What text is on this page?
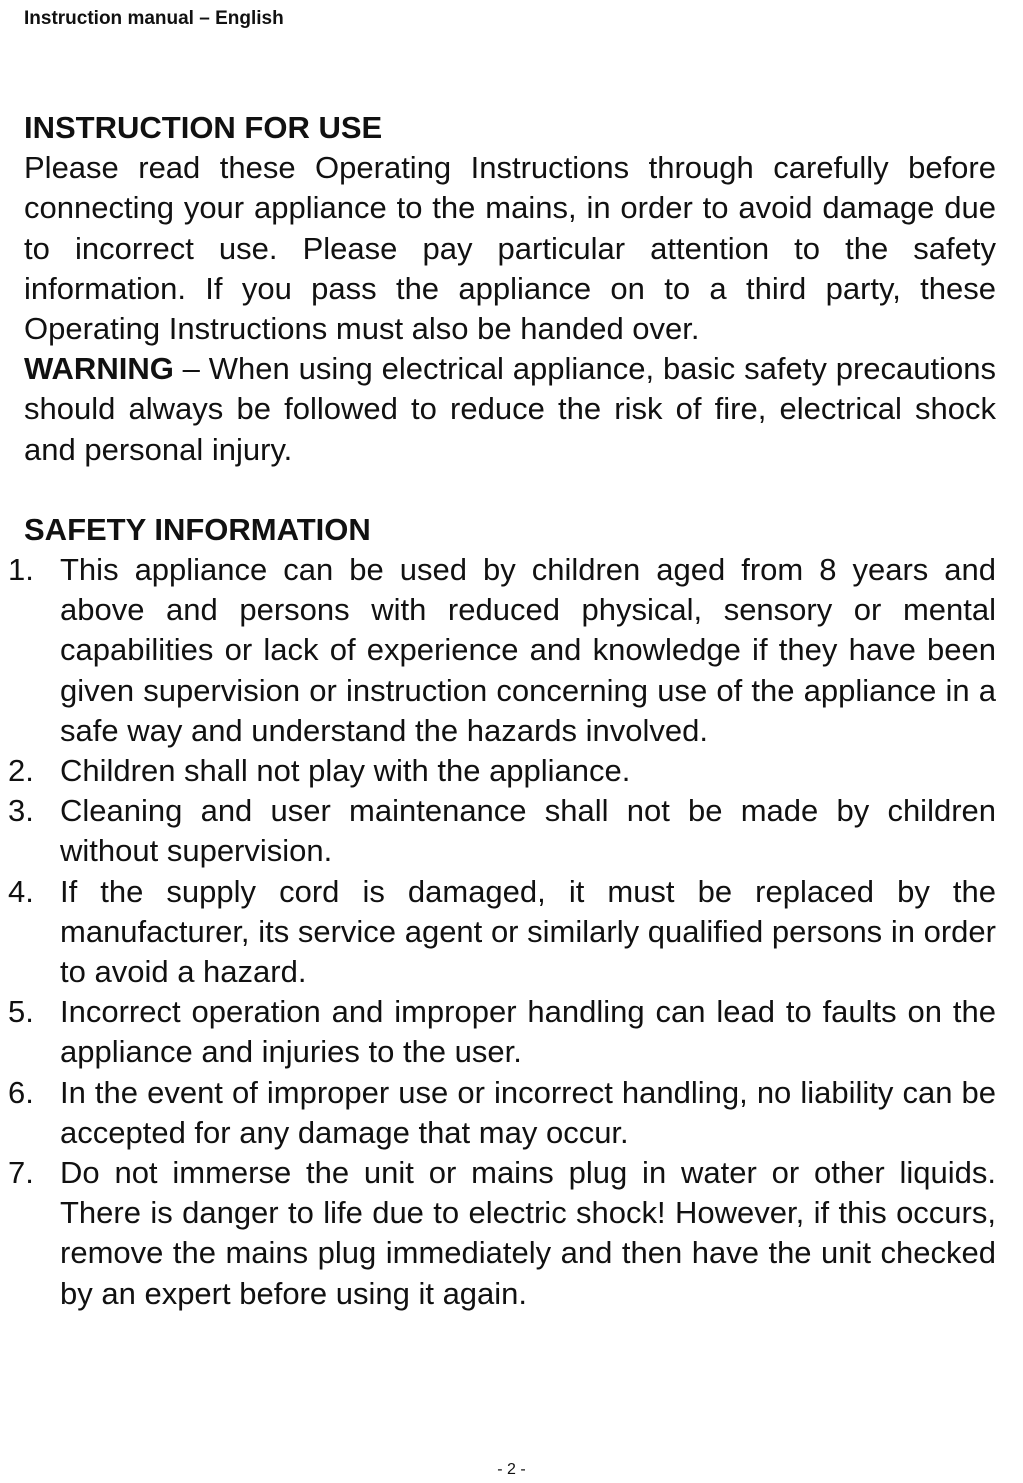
Instruction manual – English

INSTRUCTION FOR USE

Please read these Operating Instructions through carefully before connecting your appliance to the mains, in order to avoid damage due to incorrect use. Please pay particular attention to the safety information. If you pass the appliance on to a third party, these Operating Instructions must also be handed over.

WARNING – When using electrical appliance, basic safety precautions should always be followed to reduce the risk of fire, electrical shock and personal injury.

SAFETY INFORMATION

1. This appliance can be used by children aged from 8 years and above and persons with reduced physical, sensory or mental capabilities or lack of experience and knowledge if they have been given supervision or instruction concerning use of the appliance in a safe way and understand the hazards involved.
2. Children shall not play with the appliance.
3. Cleaning and user maintenance shall not be made by children without supervision.
4. If the supply cord is damaged, it must be replaced by the manufacturer, its service agent or similarly qualified persons in order to avoid a hazard.
5. Incorrect operation and improper handling can lead to faults on the appliance and injuries to the user.
6. In the event of improper use or incorrect handling, no liability can be accepted for any damage that may occur.
7. Do not immerse the unit or mains plug in water or other liquids. There is danger to life due to electric shock! However, if this occurs, remove the mains plug immediately and then have the unit checked by an expert before using it again.
- 2 -
